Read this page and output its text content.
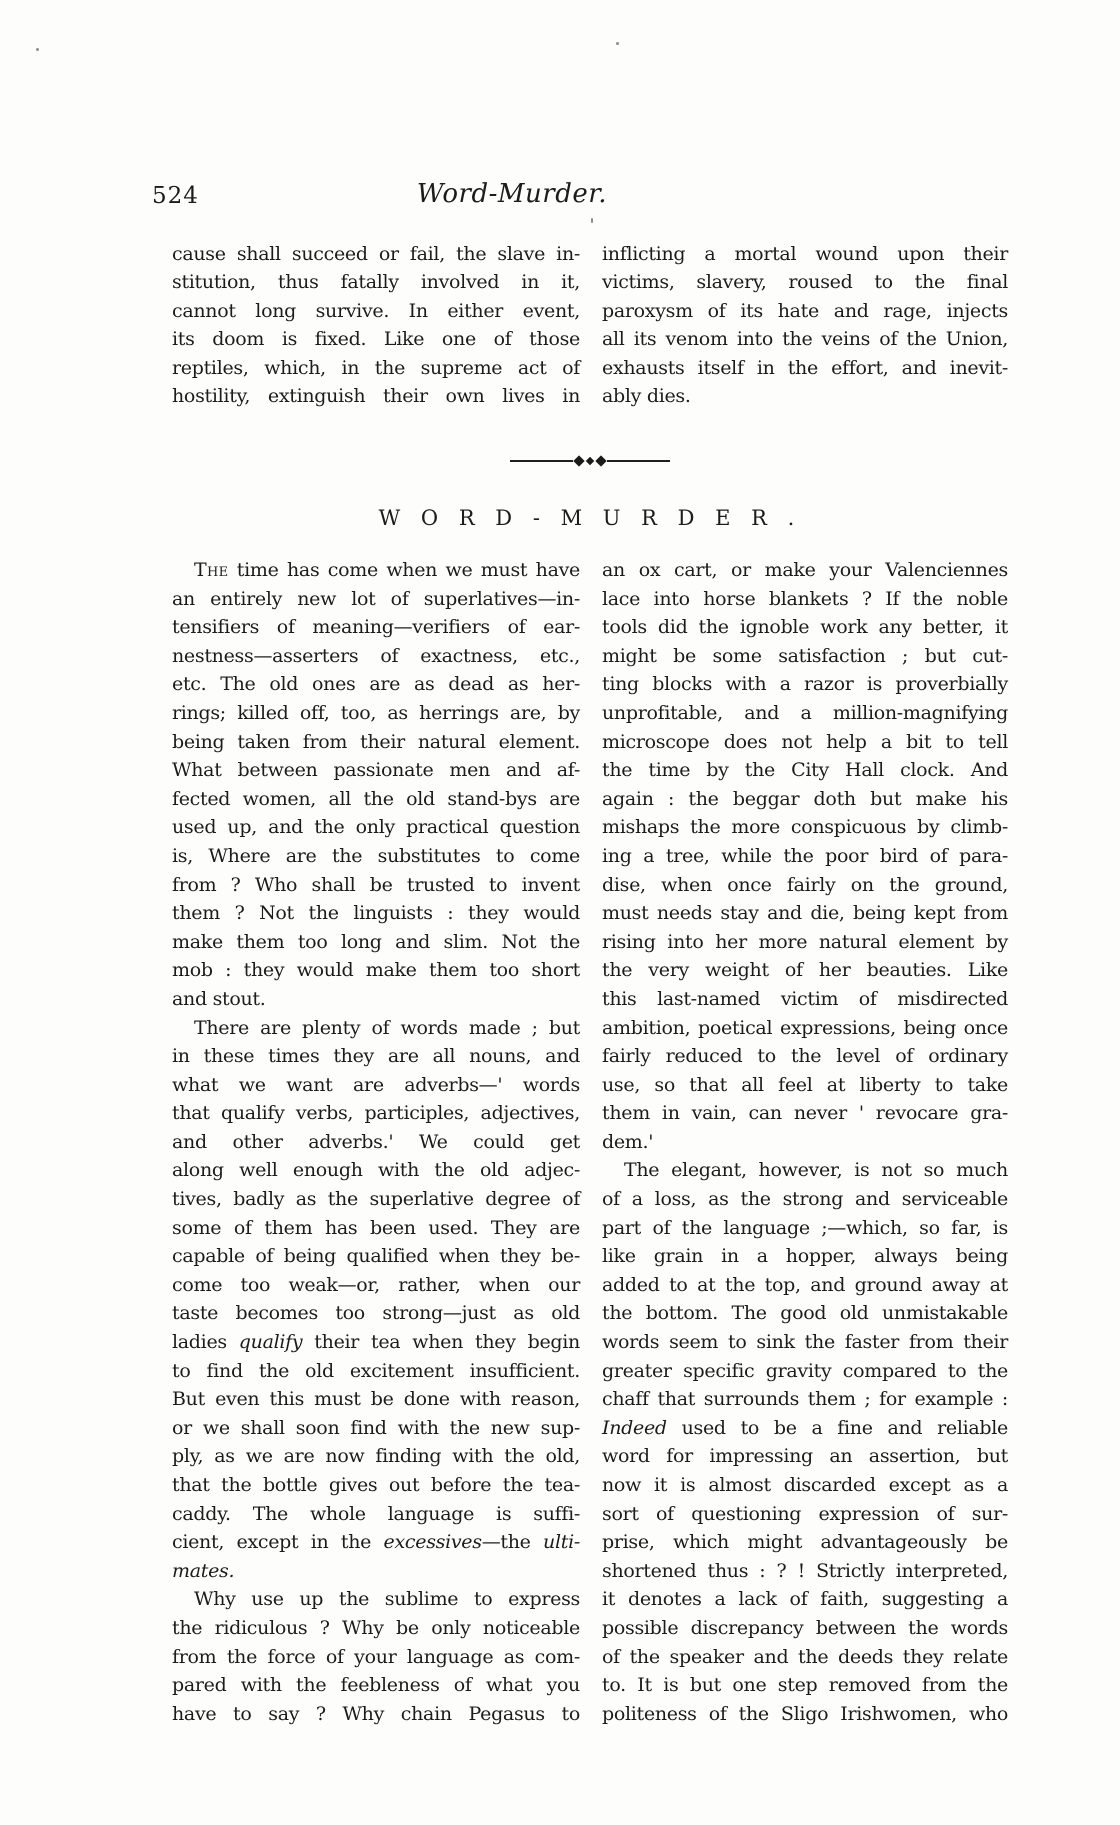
524	Word-Murder.
cause shall succeed or fail, the slave in-
stitution, thus fatally involved in it,
cannot long survive. In either event,
its doom is fixed. Like one of those
reptiles, which, in the supreme act of
hostility, extinguish their own lives in
inflicting a mortal wound upon their
victims, slavery, roused to the final
paroxysm of its hate and rage, injects
all its venom into the veins of the Union,
exhausts itself in the effort, and inevit-
ably dies.
W O R D - M U R D E R .
The time has come when we must have
an entirely new lot of superlatives—in-
tensifiers of meaning—verifiers of ear-
nestness—asserters of exactness, etc.,
etc. The old ones are as dead as her-
rings; killed off, too, as herrings are, by
being taken from their natural element.
What between passionate men and af-
fected women, all the old stand-bys are
used up, and the only practical question
is, Where are the substitutes to come
from ? Who shall be trusted to invent
them ? Not the linguists : they would
make them too long and slim. Not the
mob : they would make them too short
and stout.
There are plenty of words made ; but
in these times they are all nouns, and
what we want are adverbs—' words
that qualify verbs, participles, adjectives,
and other adverbs.' We could get
along well enough with the old adjec-
tives, badly as the superlative degree of
some of them has been used. They are
capable of being qualified when they be-
come too weak—or, rather, when our
taste becomes too strong—just as old
ladies qualify their tea when they begin
to find the old excitement insufficient.
But even this must be done with reason,
or we shall soon find with the new sup-
ply, as we are now finding with the old,
that the bottle gives out before the tea-
caddy. The whole language is suffi-
cient, except in the excessives—the ulti-
mates.
Why use up the sublime to express
the ridiculous ? Why be only noticeable
from the force of your language as com-
pared with the feebleness of what you
have to say ? Why chain Pegasus to
an ox cart, or make your Valenciennes
lace into horse blankets ? If the noble
tools did the ignoble work any better, it
might be some satisfaction ; but cut-
ting blocks with a razor is proverbially
unprofitable, and a million-magnifying
microscope does not help a bit to tell
the time by the City Hall clock. And
again : the beggar doth but make his
mishaps the more conspicuous by climb-
ing a tree, while the poor bird of para-
dise, when once fairly on the ground,
must needs stay and die, being kept from
rising into her more natural element by
the very weight of her beauties. Like
this last-named victim of misdirected
ambition, poetical expressions, being once
fairly reduced to the level of ordinary
use, so that all feel at liberty to take
them in vain, can never ' revocare gra-
dem.'
The elegant, however, is not so much
of a loss, as the strong and serviceable
part of the language ;—which, so far, is
like grain in a hopper, always being
added to at the top, and ground away at
the bottom. The good old unmistakable
words seem to sink the faster from their
greater specific gravity compared to the
chaff that surrounds them ; for example :
Indeed used to be a fine and reliable
word for impressing an assertion, but
now it is almost discarded except as a
sort of questioning expression of sur-
prise, which might advantageously be
shortened thus : ? ! Strictly interpreted,
it denotes a lack of faith, suggesting a
possible discrepancy between the words
of the speaker and the deeds they relate
to. It is but one step removed from the
politeness of the Sligo Irishwomen, who
